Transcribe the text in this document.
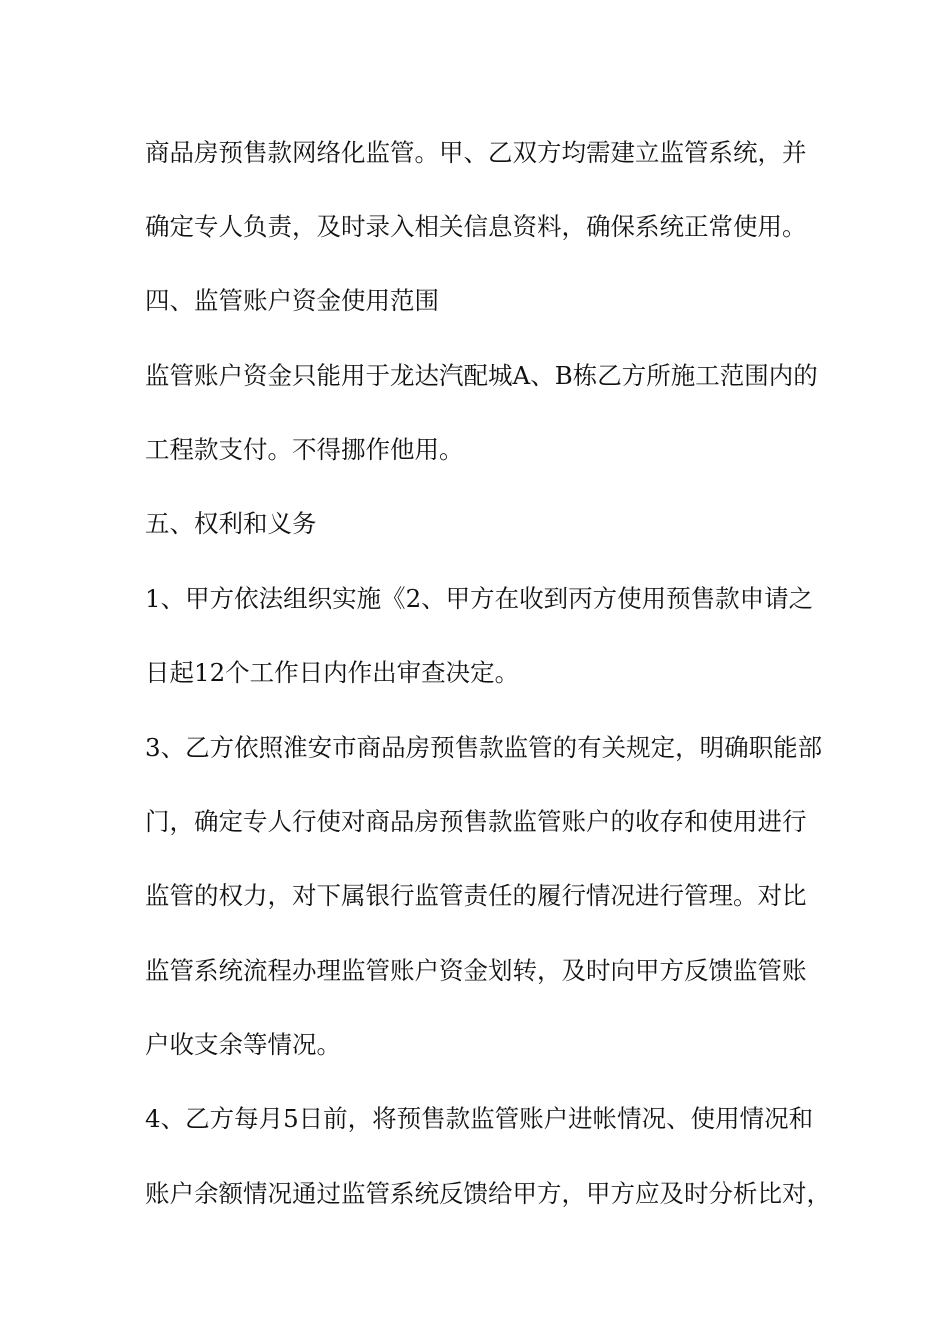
商品房预售款网络化监管。甲、乙双方均需建立监管系统，并
确定专人负责，及时录入相关信息资料，确保系统正常使用。
四、监管账户资金使用范围
监管账户资金只能用于龙达汽配城A、B栋乙方所施工范围内的
工程款支付。不得挪作他用。
五、权利和义务
1、甲方依法组织实施《2、甲方在收到丙方使用预售款申请之
日起12个工作日内作出审查决定。
3、乙方依照淮安市商品房预售款监管的有关规定，明确职能部
门，确定专人行使对商品房预售款监管账户的收存和使用进行
监管的权力，对下属银行监管责任的履行情况进行管理。对比
监管系统流程办理监管账户资金划转，及时向甲方反馈监管账
户收支余等情况。
4、乙方每月5日前，将预售款监管账户进帐情况、使用情况和
账户余额情况通过监管系统反馈给甲方，甲方应及时分析比对，
